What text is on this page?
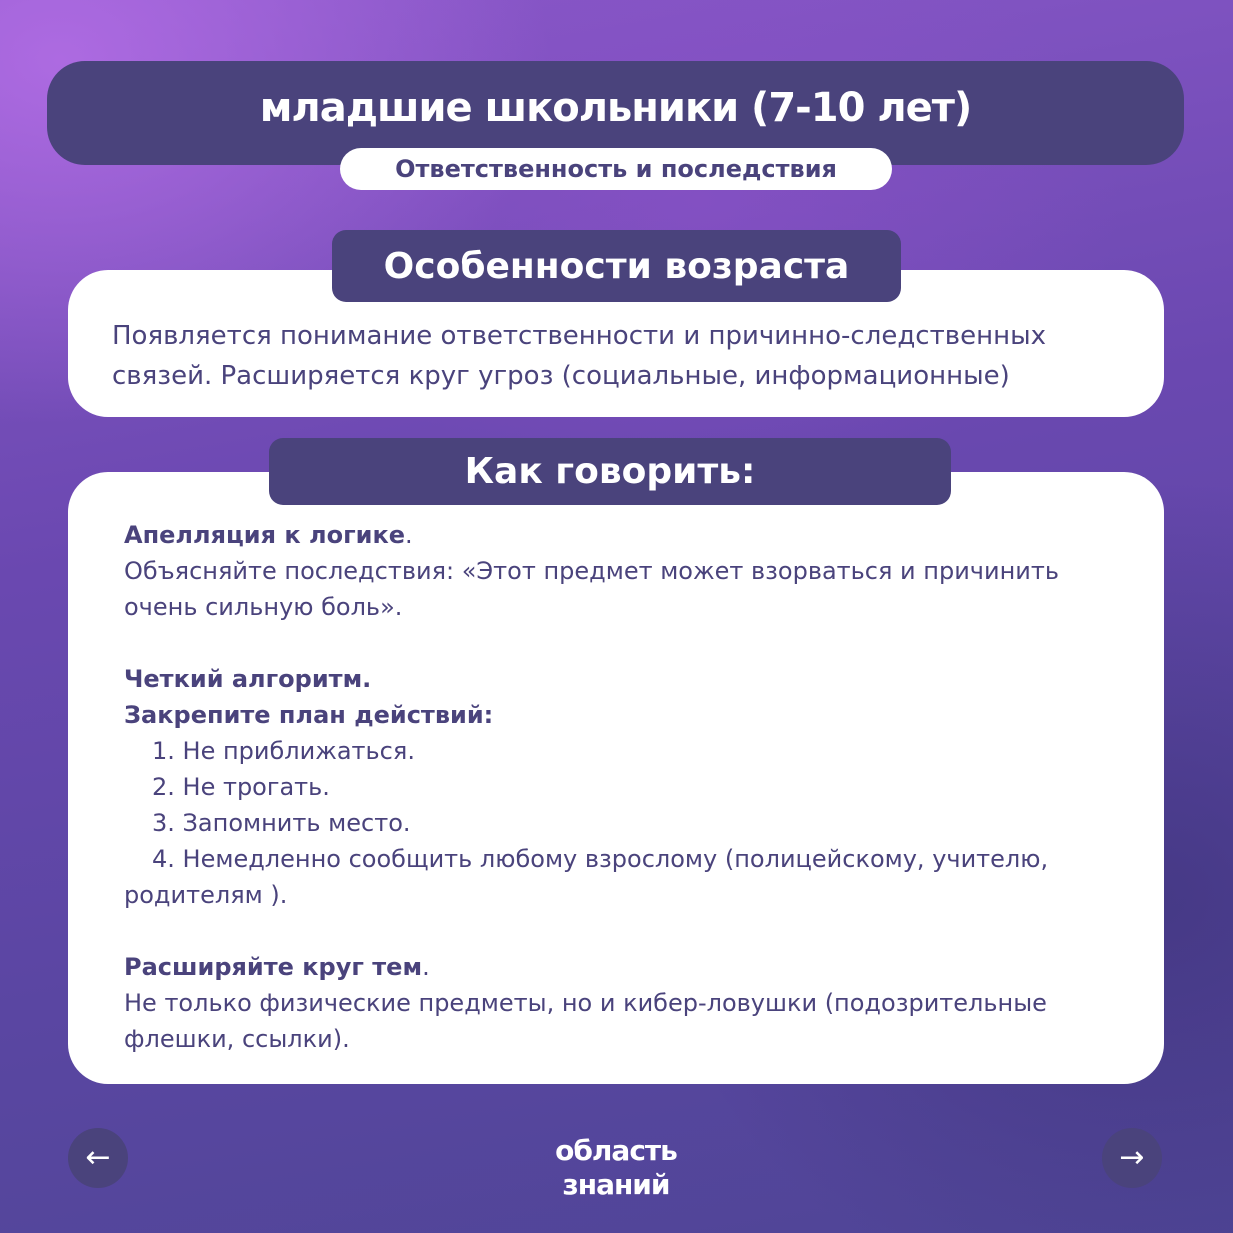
младшие школьники (7-10 лет)
Ответственность и последствия
Особенности возраста
Появляется понимание ответственности и причинно-следственных связей. Расширяется круг угроз (социальные, информационные)
Как говорить:
Апелляция к логике.
Объясняйте последствия: «Этот предмет может взорваться и причинить очень сильную боль».
Четкий алгоритм.
Закрепите план действий:
1. Не приближаться.
2. Не трогать.
3. Запомнить место.
4. Немедленно сообщить любому взрослому (полицейскому, учителю,
родителям ).
Расширяйте круг тем.
Не только физические предметы, но и кибер-ловушки (подозрительные флешки, ссылки).
←	→
область
знаний
